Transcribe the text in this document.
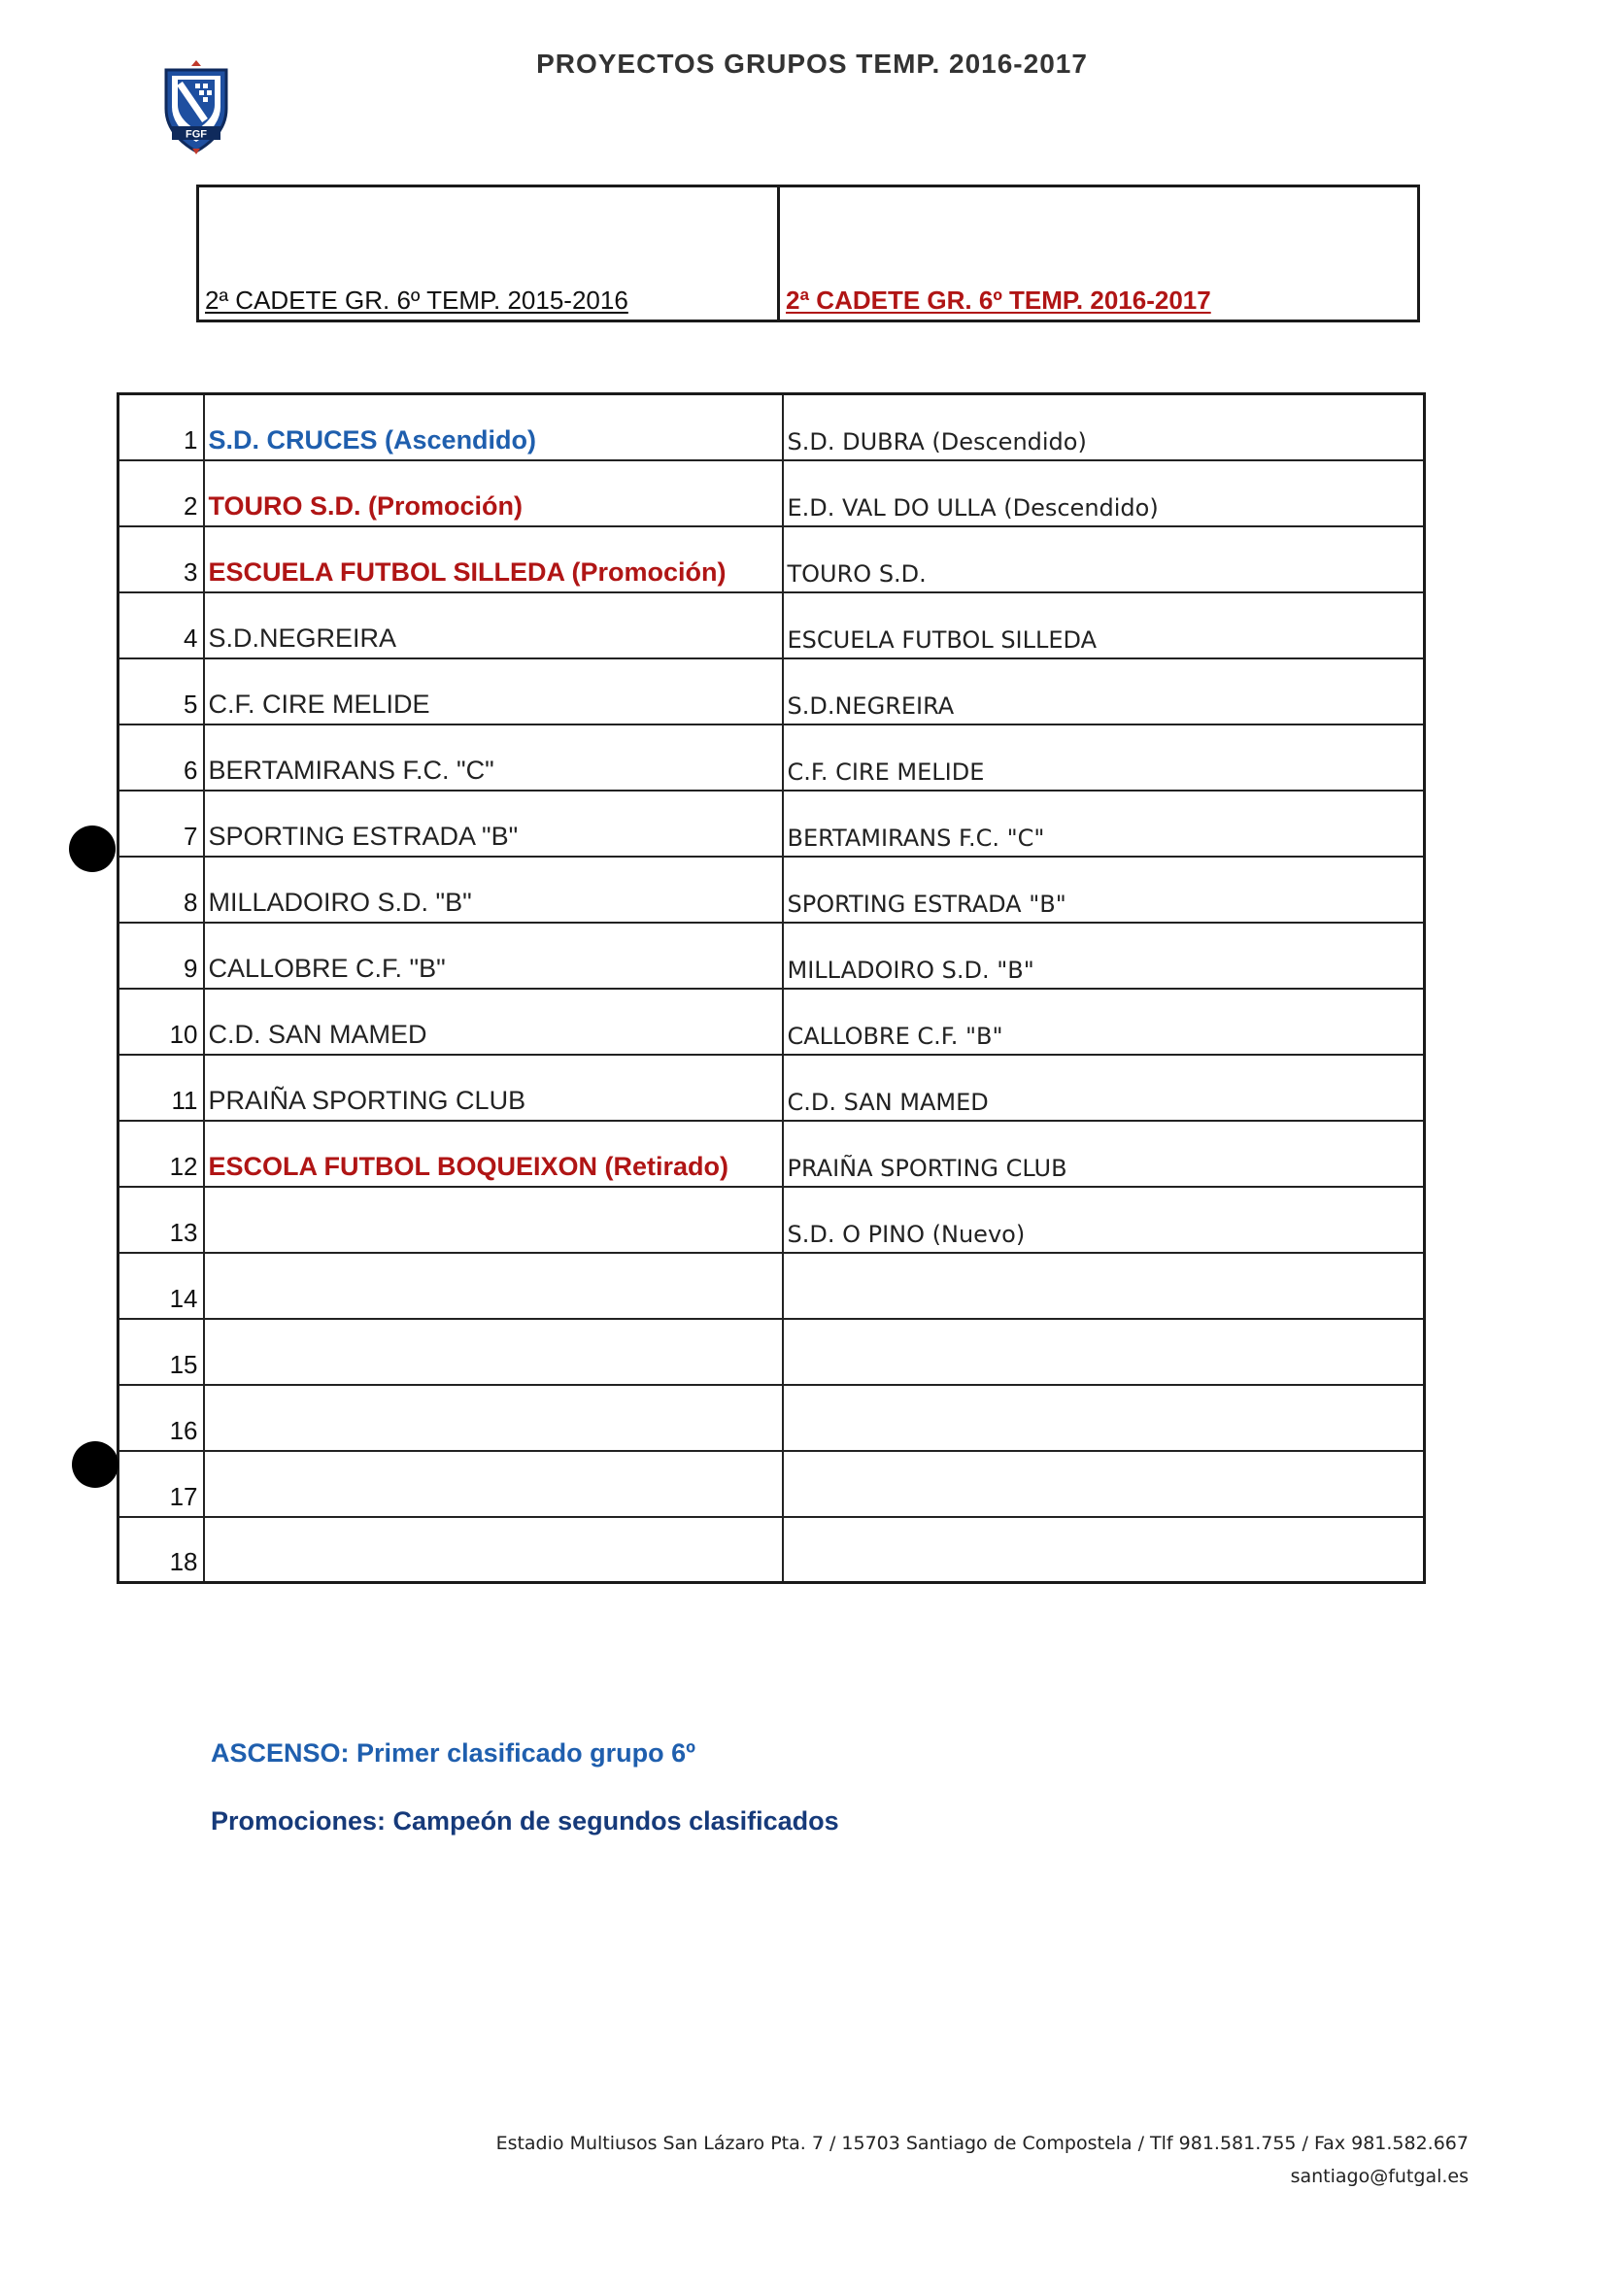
FGF
PROYECTOS GRUPOS TEMP. 2016-2017
2ª CADETE GR. 6º TEMP. 2015-2016	2ª CADETE GR. 6º TEMP. 2016-2017
1	S.D. CRUCES (Ascendido)	S.D. DUBRA (Descendido)
2	TOURO S.D. (Promoción)	E.D. VAL DO ULLA (Descendido)
3	ESCUELA FUTBOL SILLEDA (Promoción)	TOURO S.D.
4	S.D.NEGREIRA	ESCUELA FUTBOL SILLEDA
5	C.F. CIRE MELIDE	S.D.NEGREIRA
6	BERTAMIRANS F.C. "C"	C.F. CIRE MELIDE
7	SPORTING ESTRADA "B"	BERTAMIRANS F.C. "C"
8	MILLADOIRO S.D. "B"	SPORTING ESTRADA "B"
9	CALLOBRE C.F. "B"	MILLADOIRO S.D. "B"
10	C.D. SAN MAMED	CALLOBRE C.F. "B"
11	PRAIÑA SPORTING CLUB	C.D. SAN MAMED
12	ESCOLA FUTBOL BOQUEIXON (Retirado)	PRAIÑA SPORTING CLUB
13		S.D. O PINO (Nuevo)
14		
15		
16		
17		
18		
ASCENSO: Primer clasificado grupo 6º
Promociones: Campeón de segundos clasificados
Estadio Multiusos San Lázaro Pta. 7 / 15703 Santiago de Compostela / Tlf 981.581.755 / Fax 981.582.667
santiago@futgal.es
